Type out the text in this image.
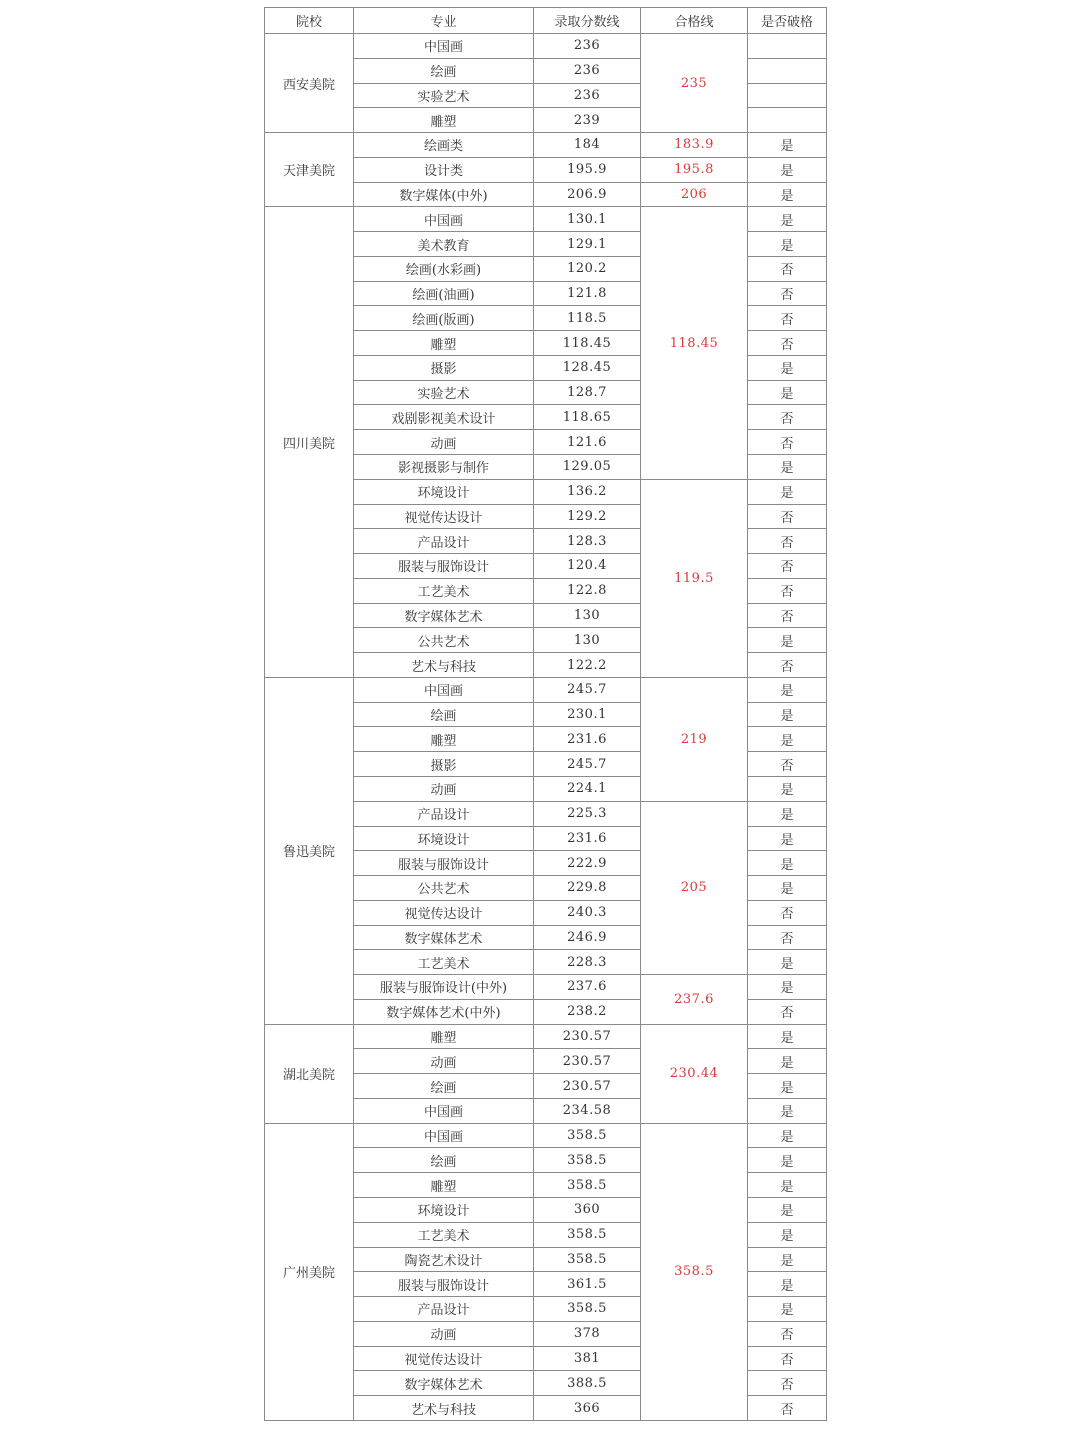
院校	专业	录取分数线	合格线	是否破格
西安美院	中国画	236	235	
	绘画	236		
	实验艺术	236		
	雕塑	239		
天津美院	绘画类	184	183.9	是
	设计类	195.9	195.8	是
	数字媒体(中外)	206.9	206	是
四川美院	中国画	130.1	118.45	是
	美术教育	129.1		是
	绘画(水彩画)	120.2		否
	绘画(油画)	121.8		否
	绘画(版画)	118.5		否
	雕塑	118.45		否
	摄影	128.45		是
	实验艺术	128.7		是
	戏剧影视美术设计	118.65		否
	动画	121.6		否
	影视摄影与制作	129.05		是
	环境设计	136.2	119.5	是
	视觉传达设计	129.2		否
	产品设计	128.3		否
	服装与服饰设计	120.4		否
	工艺美术	122.8		否
	数字媒体艺术	130		否
	公共艺术	130		是
	艺术与科技	122.2		否
鲁迅美院	中国画	245.7	219	是
	绘画	230.1		是
	雕塑	231.6		是
	摄影	245.7		否
	动画	224.1		是
	产品设计	225.3	205	是
	环境设计	231.6		是
	服装与服饰设计	222.9		是
	公共艺术	229.8		是
	视觉传达设计	240.3		否
	数字媒体艺术	246.9		否
	工艺美术	228.3		是
	服装与服饰设计(中外)	237.6	237.6	是
	数字媒体艺术(中外)	238.2		否
湖北美院	雕塑	230.57	230.44	是
	动画	230.57		是
	绘画	230.57		是
	中国画	234.58		是
广州美院	中国画	358.5	358.5	是
	绘画	358.5		是
	雕塑	358.5		是
	环境设计	360		是
	工艺美术	358.5		是
	陶瓷艺术设计	358.5		是
	服装与服饰设计	361.5		是
	产品设计	358.5		是
	动画	378		否
	视觉传达设计	381		否
	数字媒体艺术	388.5		否
	艺术与科技	366		否
